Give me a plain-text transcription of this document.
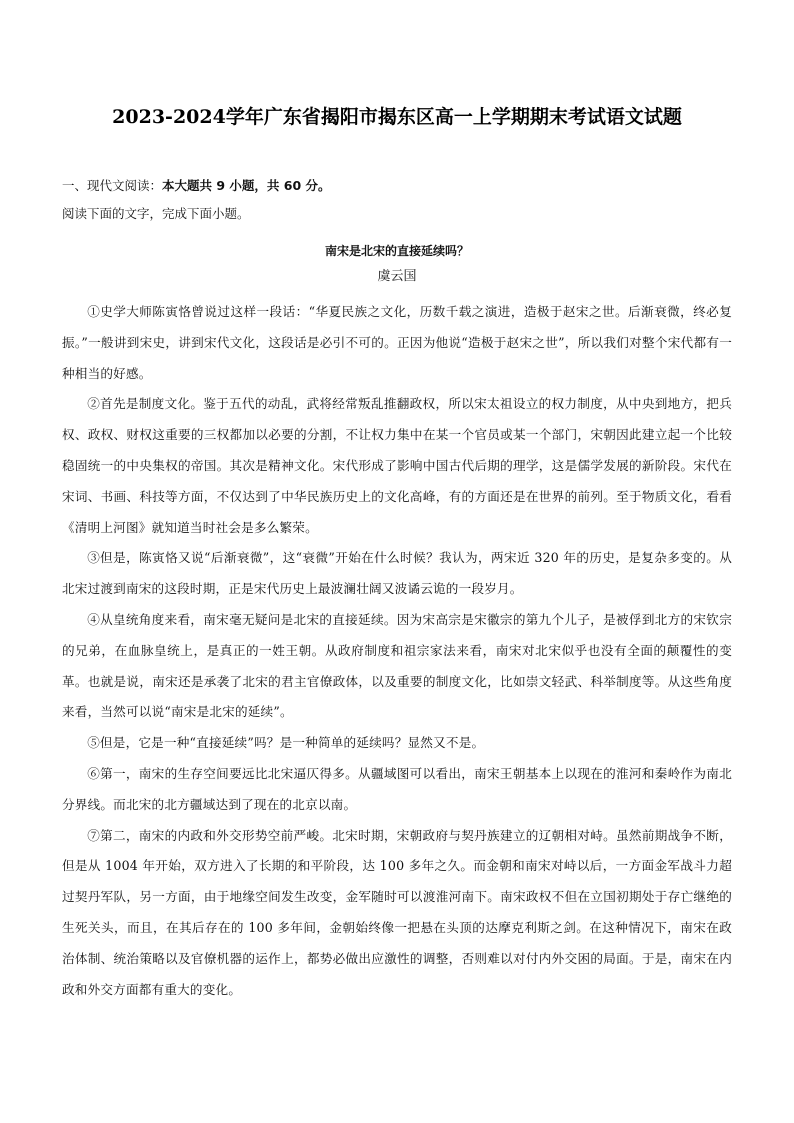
2023-2024学年广东省揭阳市揭东区高一上学期期末考试语文试题
一、现代文阅读：本大题共 9 小题，共 60 分。
阅读下面的文字，完成下面小题。
南宋是北宋的直接延续吗？
虞云国

①史学大师陈寅恪曾说过这样一段话：“华夏民族之文化，历数千载之演进，造极于赵宋之世。后渐衰微，终必复振。”一般讲到宋史，讲到宋代文化，这段话是必引不可的。正因为他说“造极于赵宋之世”，所以我们对整个宋代都有一种相当的好感。

②首先是制度文化。鉴于五代的动乱，武将经常叛乱推翻政权，所以宋太祖设立的权力制度，从中央到地方，把兵权、政权、财权这重要的三权都加以必要的分割，不让权力集中在某一个官员或某一个部门，宋朝因此建立起一个比较稳固统一的中央集权的帝国。其次是精神文化。宋代形成了影响中国古代后期的理学，这是儒学发展的新阶段。宋代在宋词、书画、科技等方面，不仅达到了中华民族历史上的文化高峰，有的方面还是在世界的前列。至于物质文化，看看《清明上河图》就知道当时社会是多么繁荣。

③但是，陈寅恪又说“后渐衰微”，这“衰微”开始在什么时候？我认为，两宋近 320 年的历史，是复杂多变的。从北宋过渡到南宋的这段时期，正是宋代历史上最波澜壮阔又波谲云诡的一段岁月。

④从皇统角度来看，南宋毫无疑问是北宋的直接延续。因为宋高宗是宋徽宗的第九个儿子，是被俘到北方的宋钦宗的兄弟，在血脉皇统上，是真正的一姓王朝。从政府制度和祖宗家法来看，南宋对北宋似乎也没有全面的颠覆性的变革。也就是说，南宋还是承袭了北宋的君主官僚政体，以及重要的制度文化，比如崇文轻武、科举制度等。从这些角度来看，当然可以说“南宋是北宋的延续”。

⑤但是，它是一种“直接延续”吗？是一种简单的延续吗？显然又不是。

⑥第一，南宋的生存空间要远比北宋逼仄得多。从疆域图可以看出，南宋王朝基本上以现在的淮河和秦岭作为南北分界线。而北宋的北方疆域达到了现在的北京以南。

⑦第二，南宋的内政和外交形势空前严峻。北宋时期，宋朝政府与契丹族建立的辽朝相对峙。虽然前期战争不断，但是从 1004 年开始，双方进入了长期的和平阶段，达 100 多年之久。而金朝和南宋对峙以后，一方面金军战斗力超过契丹军队，另一方面，由于地缘空间发生改变，金军随时可以渡淮河南下。南宋政权不但在立国初期处于存亡继绝的生死关头，而且，在其后存在的 100 多年间，金朝始终像一把悬在头顶的达摩克利斯之剑。在这种情况下，南宋在政治体制、统治策略以及官僚机器的运作上，都势必做出应激性的调整，否则难以对付内外交困的局面。于是，南宋在内政和外交方面都有重大的变化。
